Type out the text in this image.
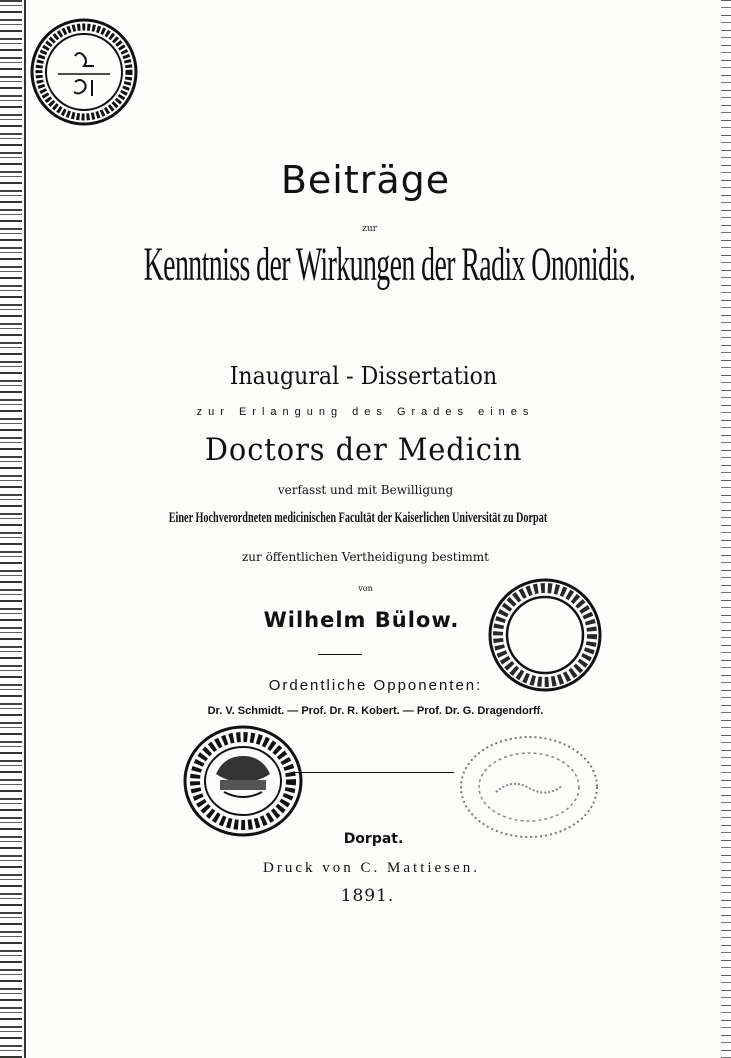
Beiträge
zur
Kenntniss der Wirkungen der Radix Ononidis.
Inaugural - Dissertation
zur Erlangung des Grades eines
Doctors der Medicin
verfasst und mit Bewilligung
Einer Hochverordneten medicinischen Facultät der Kaiserlichen Universität zu Dorpat
zur öffentlichen Vertheidigung bestimmt
von
Wilhelm Bülow.
Ordentliche Opponenten:
Dr. V. Schmidt. — Prof. Dr. R. Kobert. — Prof. Dr. G. Dragendorff.
Dorpat.
Druck von C. Mattiesen.
1891.
